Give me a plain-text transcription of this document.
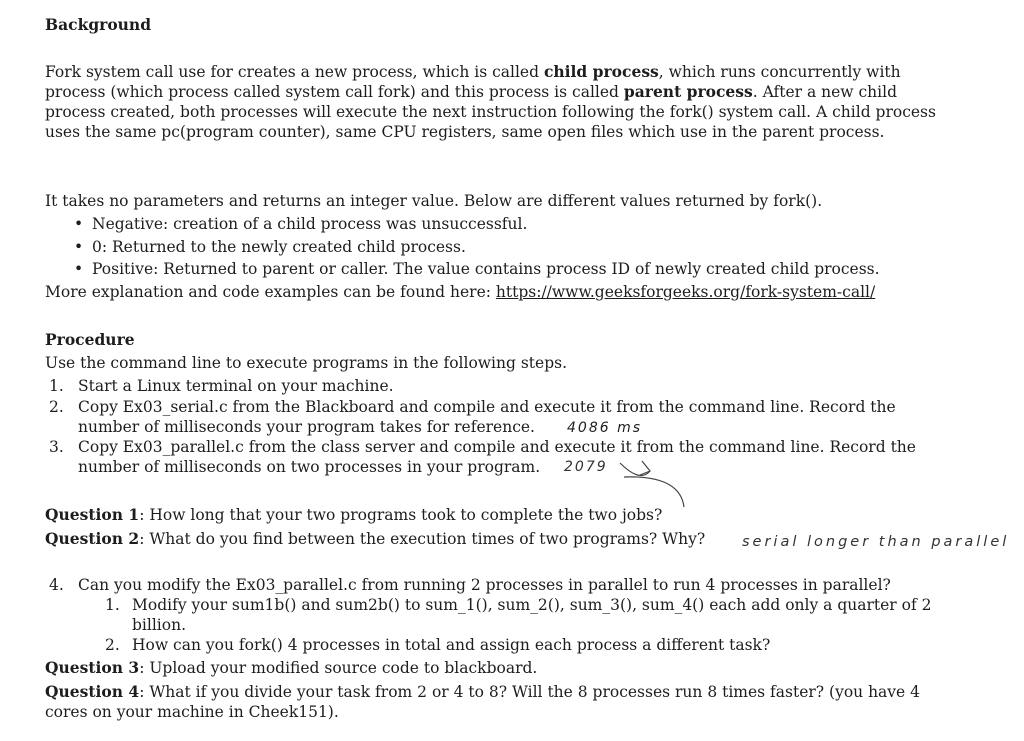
Background

Fork system call use for creates a new process, which is called child process, which runs concurrently with process (which process called system call fork) and this process is called parent process. After a new child process created, both processes will execute the next instruction following the fork() system call. A child process uses the same pc(program counter), same CPU registers, same open files which use in the parent process.

It takes no parameters and returns an integer value. Below are different values returned by fork().
• Negative: creation of a child process was unsuccessful.
• 0: Returned to the newly created child process.
• Positive: Returned to parent or caller. The value contains process ID of newly created child process.
More explanation and code examples can be found here: https://www.geeksforgeeks.org/fork-system-call/
Procedure
Use the command line to execute programs in the following steps.
1. Start a Linux terminal on your machine.
2. Copy Ex03_serial.c from the Blackboard and compile and execute it from the command line. Record the number of milliseconds your program takes for reference. 4086 ms
3. Copy Ex03_parallel.c from the class server and compile and execute it from the command line. Record the number of milliseconds on two processes in your program. 2079
Question 1: How long that your two programs took to complete the two jobs?
Question 2: What do you find between the execution times of two programs? Why?	serial longer than parallel
4. Can you modify the Ex03_parallel.c from running 2 processes in parallel to run 4 processes in parallel?
1. Modify your sum1b() and sum2b() to sum_1(), sum_2(), sum_3(), sum_4() each add only a quarter of 2 billion.
2. How can you fork() 4 processes in total and assign each process a different task?
Question 3: Upload your modified source code to blackboard.

Question 4: What if you divide your task from 2 or 4 to 8? Will the 8 processes run 8 times faster? (you have 4 cores on your machine in Cheek151).
